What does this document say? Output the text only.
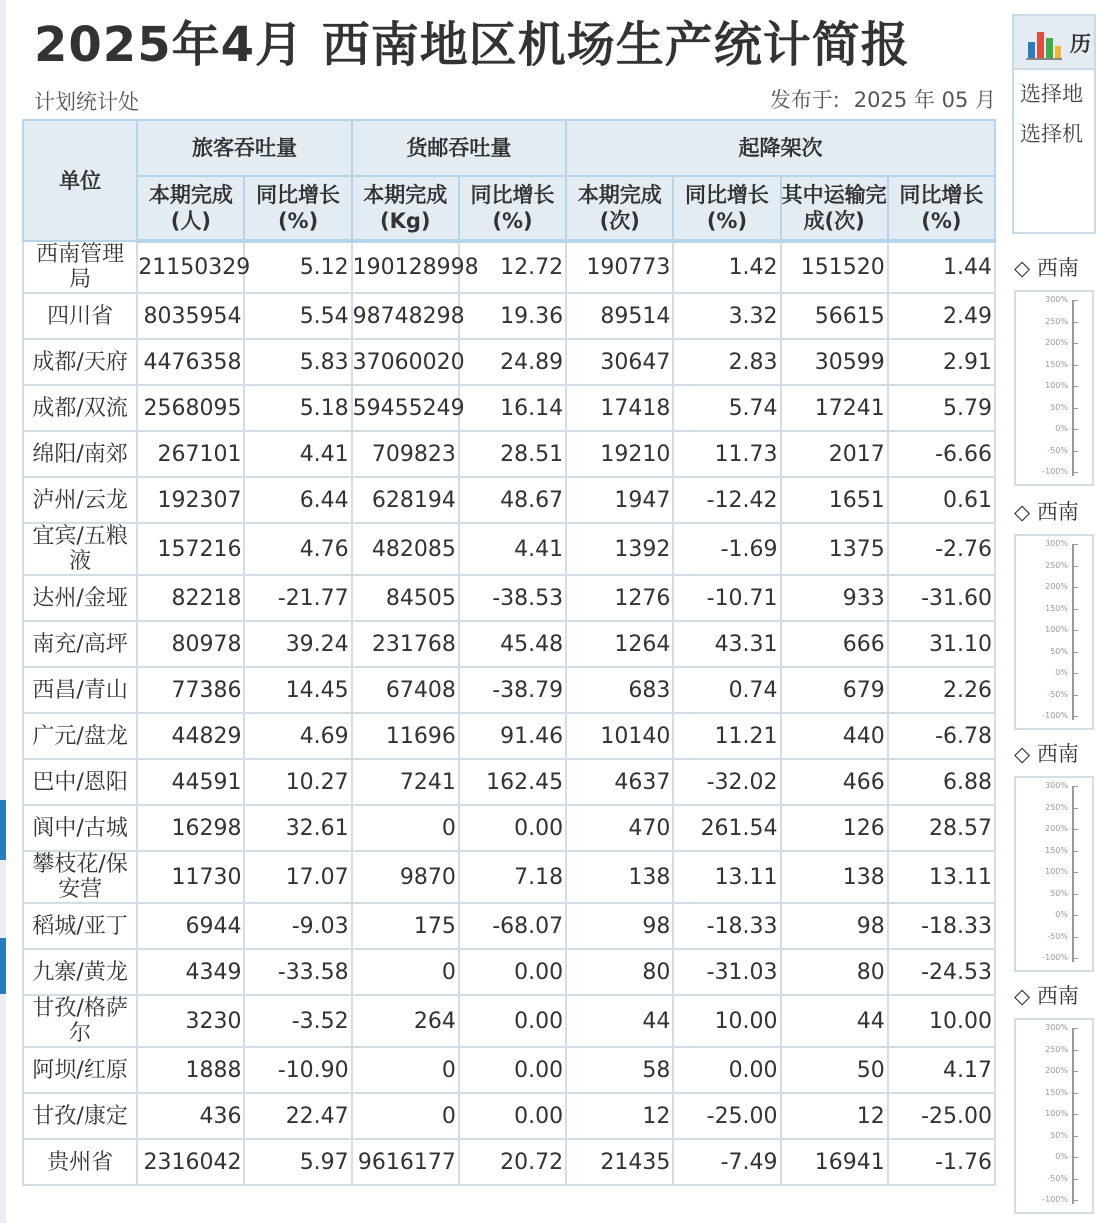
2025年4月 西南地区机场生产统计简报
计划统计处	发布于: 2025 年 05 月
单位	旅客吞吐量		货邮吞吐量		起降架次			
	本期完成(人)	同比增长(%)	本期完成(Kg)	同比增长(%)	本期完成(次)	同比增长(%)	其中运输完成(次)	同比增长(%)
西南管理局	21150329	5.12	190128998	12.72	190773	1.42	151520	1.44
四川省	8035954	5.54	98748298	19.36	89514	3.32	56615	2.49
成都/天府	4476358	5.83	37060020	24.89	30647	2.83	30599	2.91
成都/双流	2568095	5.18	59455249	16.14	17418	5.74	17241	5.79
绵阳/南郊	267101	4.41	709823	28.51	19210	11.73	2017	-6.66
泸州/云龙	192307	6.44	628194	48.67	1947	-12.42	1651	0.61
宜宾/五粮液	157216	4.76	482085	4.41	1392	-1.69	1375	-2.76
达州/金垭	82218	-21.77	84505	-38.53	1276	-10.71	933	-31.60
南充/高坪	80978	39.24	231768	45.48	1264	43.31	666	31.10
西昌/青山	77386	14.45	67408	-38.79	683	0.74	679	2.26
广元/盘龙	44829	4.69	11696	91.46	10140	11.21	440	-6.78
巴中/恩阳	44591	10.27	7241	162.45	4637	-32.02	466	6.88
阆中/古城	16298	32.61	0	0.00	470	261.54	126	28.57
攀枝花/保安营	11730	17.07	9870	7.18	138	13.11	138	13.11
稻城/亚丁	6944	-9.03	175	-68.07	98	-18.33	98	-18.33
九寨/黄龙	4349	-33.58	0	0.00	80	-31.03	80	-24.53
甘孜/格萨尔	3230	-3.52	264	0.00	44	10.00	44	10.00
阿坝/红原	1888	-10.90	0	0.00	58	0.00	50	4.17
甘孜/康定	436	22.47	0	0.00	12	-25.00	12	-25.00
贵州省	2316042	5.97	9616177	20.72	21435	-7.49	16941	-1.76
历
选择地
选择机
◇ 西南
300%
250%
200%
150%
100%
50%
0%
-50%
-100%
◇ 西南
300%
250%
200%
150%
100%
50%
0%
-50%
-100%
◇ 西南
300%
250%
200%
150%
100%
50%
0%
-50%
-100%
◇ 西南
300%
250%
200%
150%
100%
50%
0%
-50%
-100%
